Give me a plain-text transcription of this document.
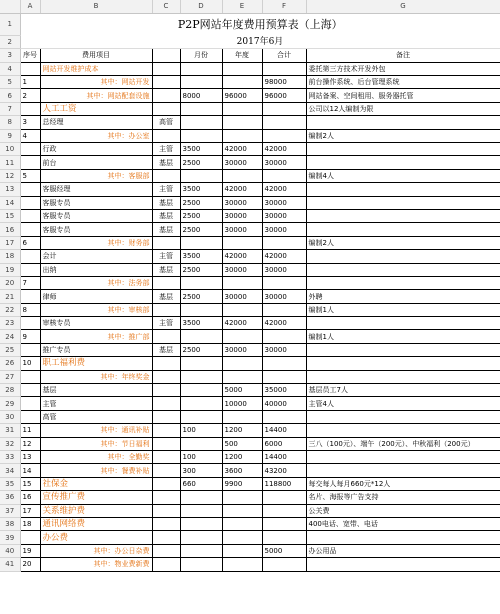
	A	B	C	D	E	F	G
1	P2P网站年度费用预算表（上海）						
2	2017年6月						
3	序号	费用项目		月份	年度	合计	备注
4		网站开发维护成本					委托第三方技术开发外包
5	1	其中：网站开发				98000	前台操作系统、后台管理系统
6	2	其中：网站配套设施		8000	96000	96000	网站备案、空间租用、服务器托管
7		人工工资					公司以12人编制为限
8	3	总经理	高管				
9	4	其中：办公室					编制2人
10		行政	主管	3500	42000	42000	
11		前台	基层	2500	30000	30000	
12	5	其中：客服部					编制4人
13		客服经理	主管	3500	42000	42000	
14		客服专员	基层	2500	30000	30000	
15		客服专员	基层	2500	30000	30000	
16		客服专员	基层	2500	30000	30000	
17	6	其中：财务部					编制2人
18		会计	主管	3500	42000	42000	
19		出纳	基层	2500	30000	30000	
20	7	其中：法务部					
21		律师	基层	2500	30000	30000	外聘
22	8	其中：审核部					编制1人
23		审核专员	主管	3500	42000	42000	
24	9	其中：推广部					编制1人
25		推广专员	基层	2500	30000	30000	
26	10	职工福利费					
27		其中：年终奖金					
28		基层			5000	35000	基层员工7人
29		主管			10000	40000	主管4人
30		高管					
31	11	其中：通讯补贴		100	1200	14400	
32	12	其中：节日福利			500	6000	三八（100元）、端午（200元）、中秋福利（200元）
33	13	其中：全勤奖		100	1200	14400	
34	14	其中：餐费补贴		300	3600	43200	
35	15	社保金		660	9900	118800	每交每人每月660元*12人
36	16	宣传推广费					名片、海报等广告支持
37	17	关系维护费					公关费
38	18	通讯网络费					400电话、宽带、电话
39		办公费					
40	19	其中：办公日杂费				5000	办公用品
41	20	其中：物业费新费					
